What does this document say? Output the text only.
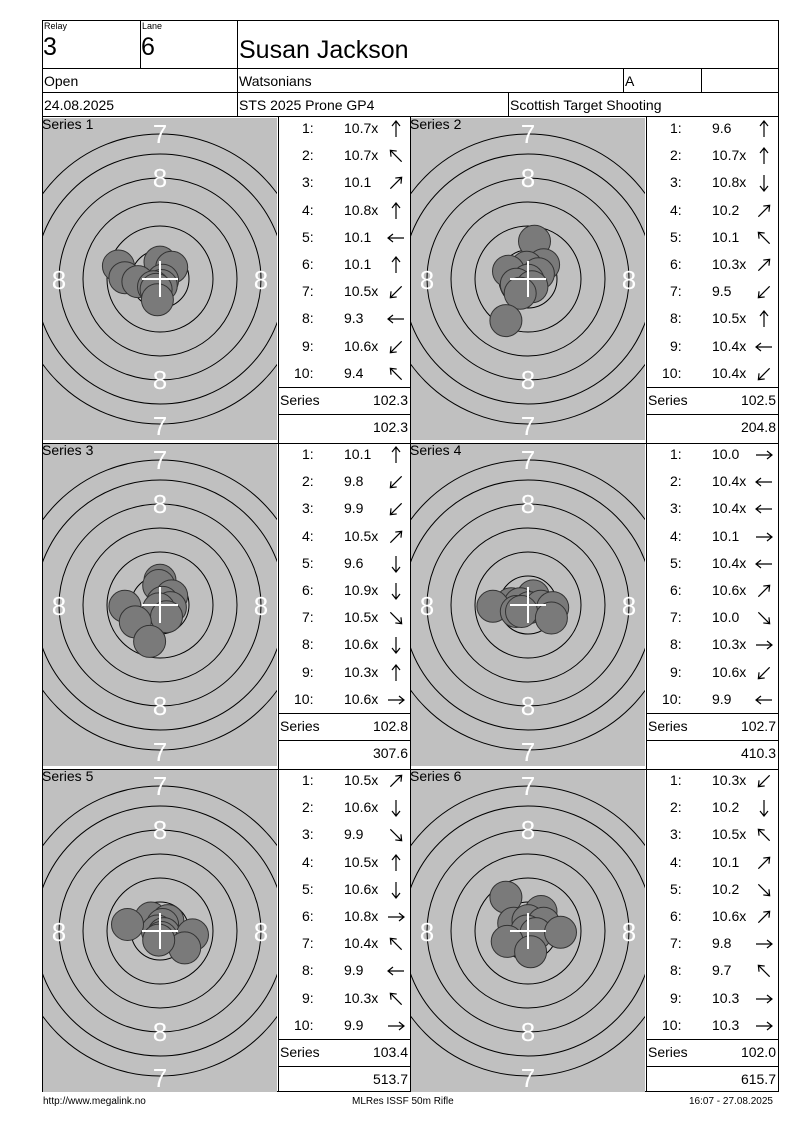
Relay
3
Lane
6	Susan Jackson
Open	Watsonians	A
24.08.2025	STS 2025 Prone GP4	Scottish Target Shooting
7
7
8
8
8	8
Series 1	1: 10.7x
2: 10.7x
3: 10.1
4: 10.8x
5: 10.1
6: 10.1
7: 10.5x
8: 9.3
9: 10.6x
10: 9.4
Series	102.3
102.3
7
7
8
8
8	8
Series 2	1: 9.6
2: 10.7x
3: 10.8x
4: 10.2
5: 10.1
6: 10.3x
7: 9.5
8: 10.5x
9: 10.4x
10: 10.4x
Series	102.5
204.8
7
7
8
8
8	8
Series 3	1: 10.1
2: 9.8
3: 9.9
4: 10.5x
5: 9.6
6: 10.9x
7: 10.5x
8: 10.6x
9: 10.3x
10: 10.6x
Series	102.8
307.6
7
7
8
8
8	8
Series 4	1: 10.0
2: 10.4x
3: 10.4x
4: 10.1
5: 10.4x
6: 10.6x
7: 10.0
8: 10.3x
9: 10.6x
10: 9.9
Series	102.7
410.3
7
7
8
8
8	8
Series 5	1: 10.5x
2: 10.6x
3: 9.9
4: 10.5x
5: 10.6x
6: 10.8x
7: 10.4x
8: 9.9
9: 10.3x
10: 9.9
Series	103.4
513.7
7
7
8
8
8	8
Series 6	1: 10.3x
2: 10.2
3: 10.5x
4: 10.1
5: 10.2
6: 10.6x
7: 9.8
8: 9.7
9: 10.3
10: 10.3
Series	102.0
615.7
http://www.megalink.no	MLRes ISSF 50m Rifle	16:07 - 27.08.2025
